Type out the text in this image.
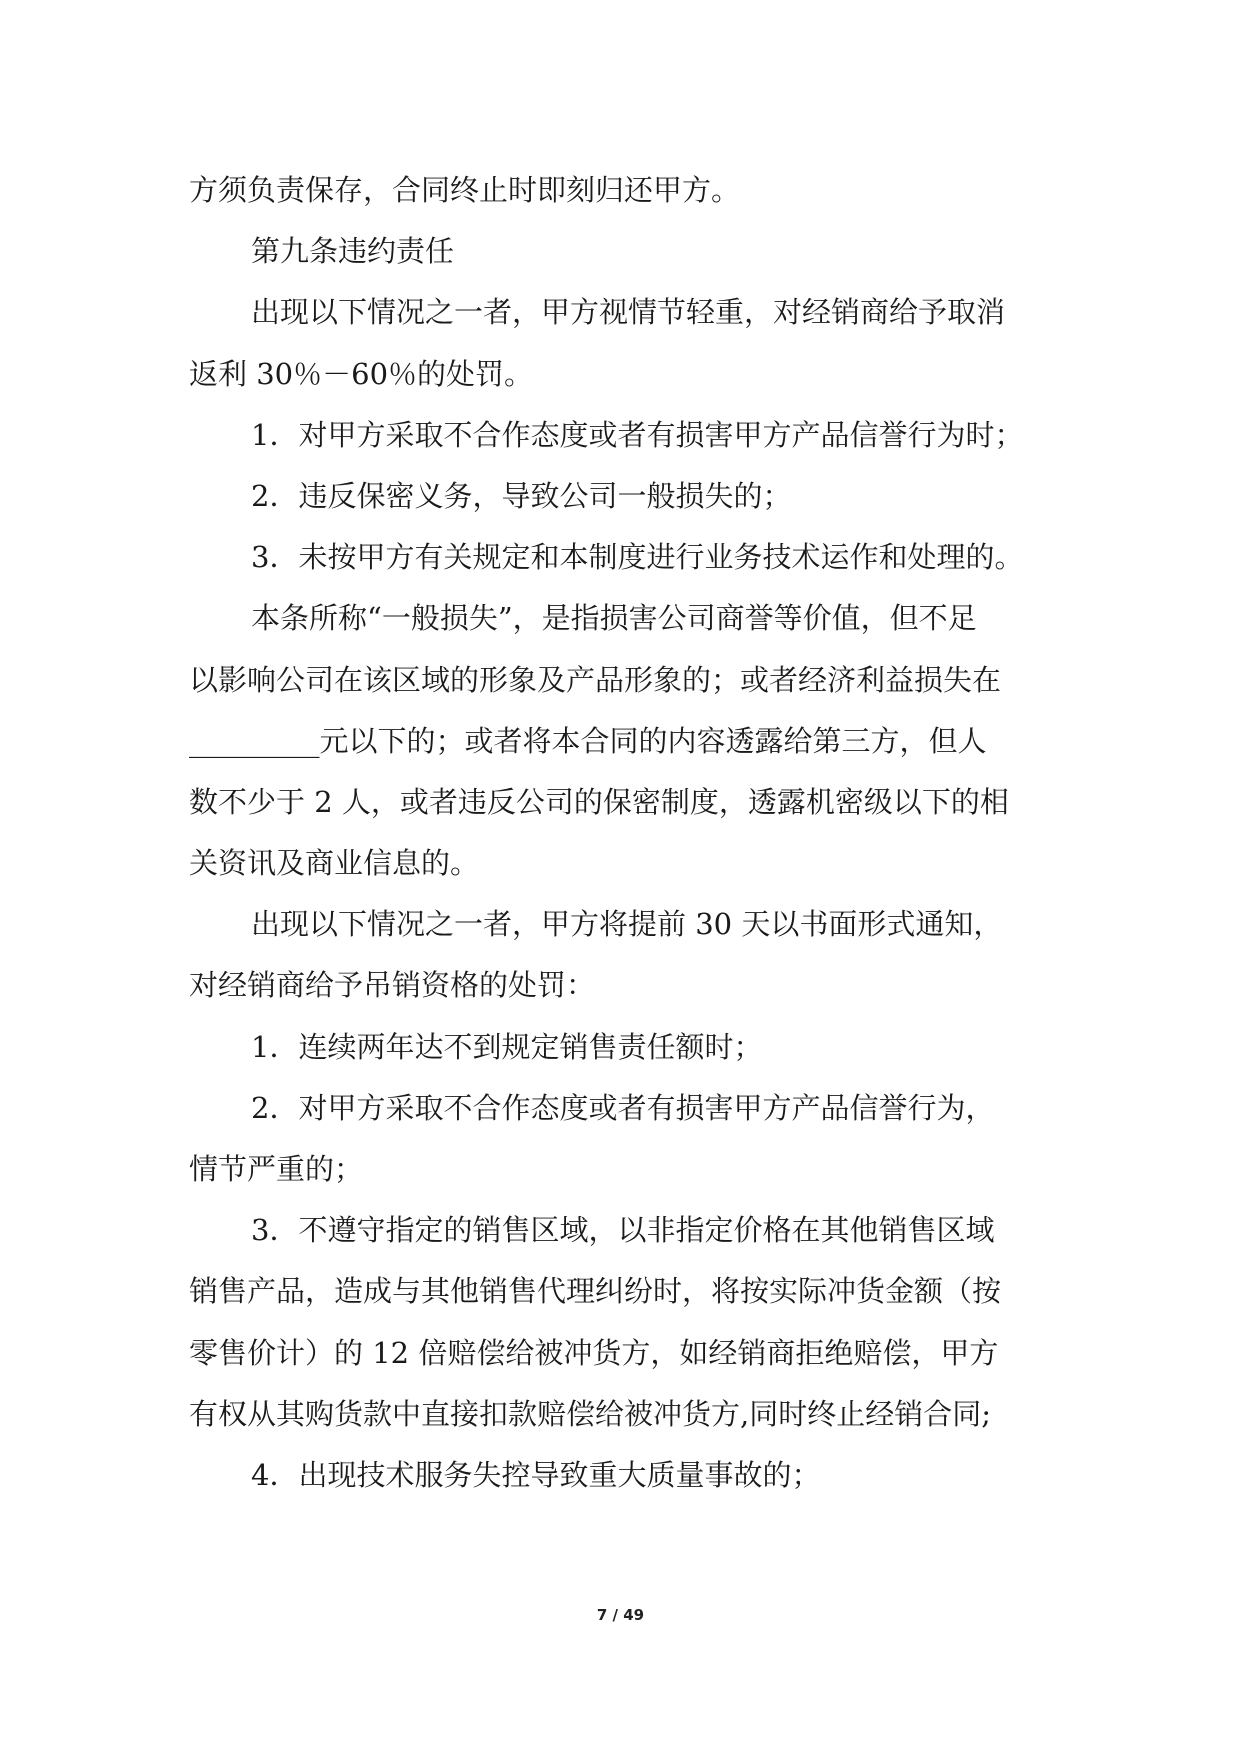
方须负责保存，合同终止时即刻归还甲方。
第九条违约责任
出现以下情况之一者，甲方视情节轻重，对经销商给予取消
返利 30％－60％的处罚。
1．对甲方采取不合作态度或者有损害甲方产品信誉行为时；
2．违反保密义务，导致公司一般损失的；
3．未按甲方有关规定和本制度进行业务技术运作和处理的。
本条所称“一般损失”，是指损害公司商誉等价值，但不足
以影响公司在该区域的形象及产品形象的；或者经济利益损失在
_________元以下的；或者将本合同的内容透露给第三方，但人
数不少于 2 人，或者违反公司的保密制度，透露机密级以下的相
关资讯及商业信息的。
出现以下情况之一者，甲方将提前 30 天以书面形式通知，
对经销商给予吊销资格的处罚：
1．连续两年达不到规定销售责任额时；
2．对甲方采取不合作态度或者有损害甲方产品信誉行为，
情节严重的；
3．不遵守指定的销售区域，以非指定价格在其他销售区域
销售产品，造成与其他销售代理纠纷时，将按实际冲货金额（按
零售价计）的 12 倍赔偿给被冲货方，如经销商拒绝赔偿，甲方
有权从其购货款中直接扣款赔偿给被冲货方,同时终止经销合同;
4．出现技术服务失控导致重大质量事故的；
7 / 49
